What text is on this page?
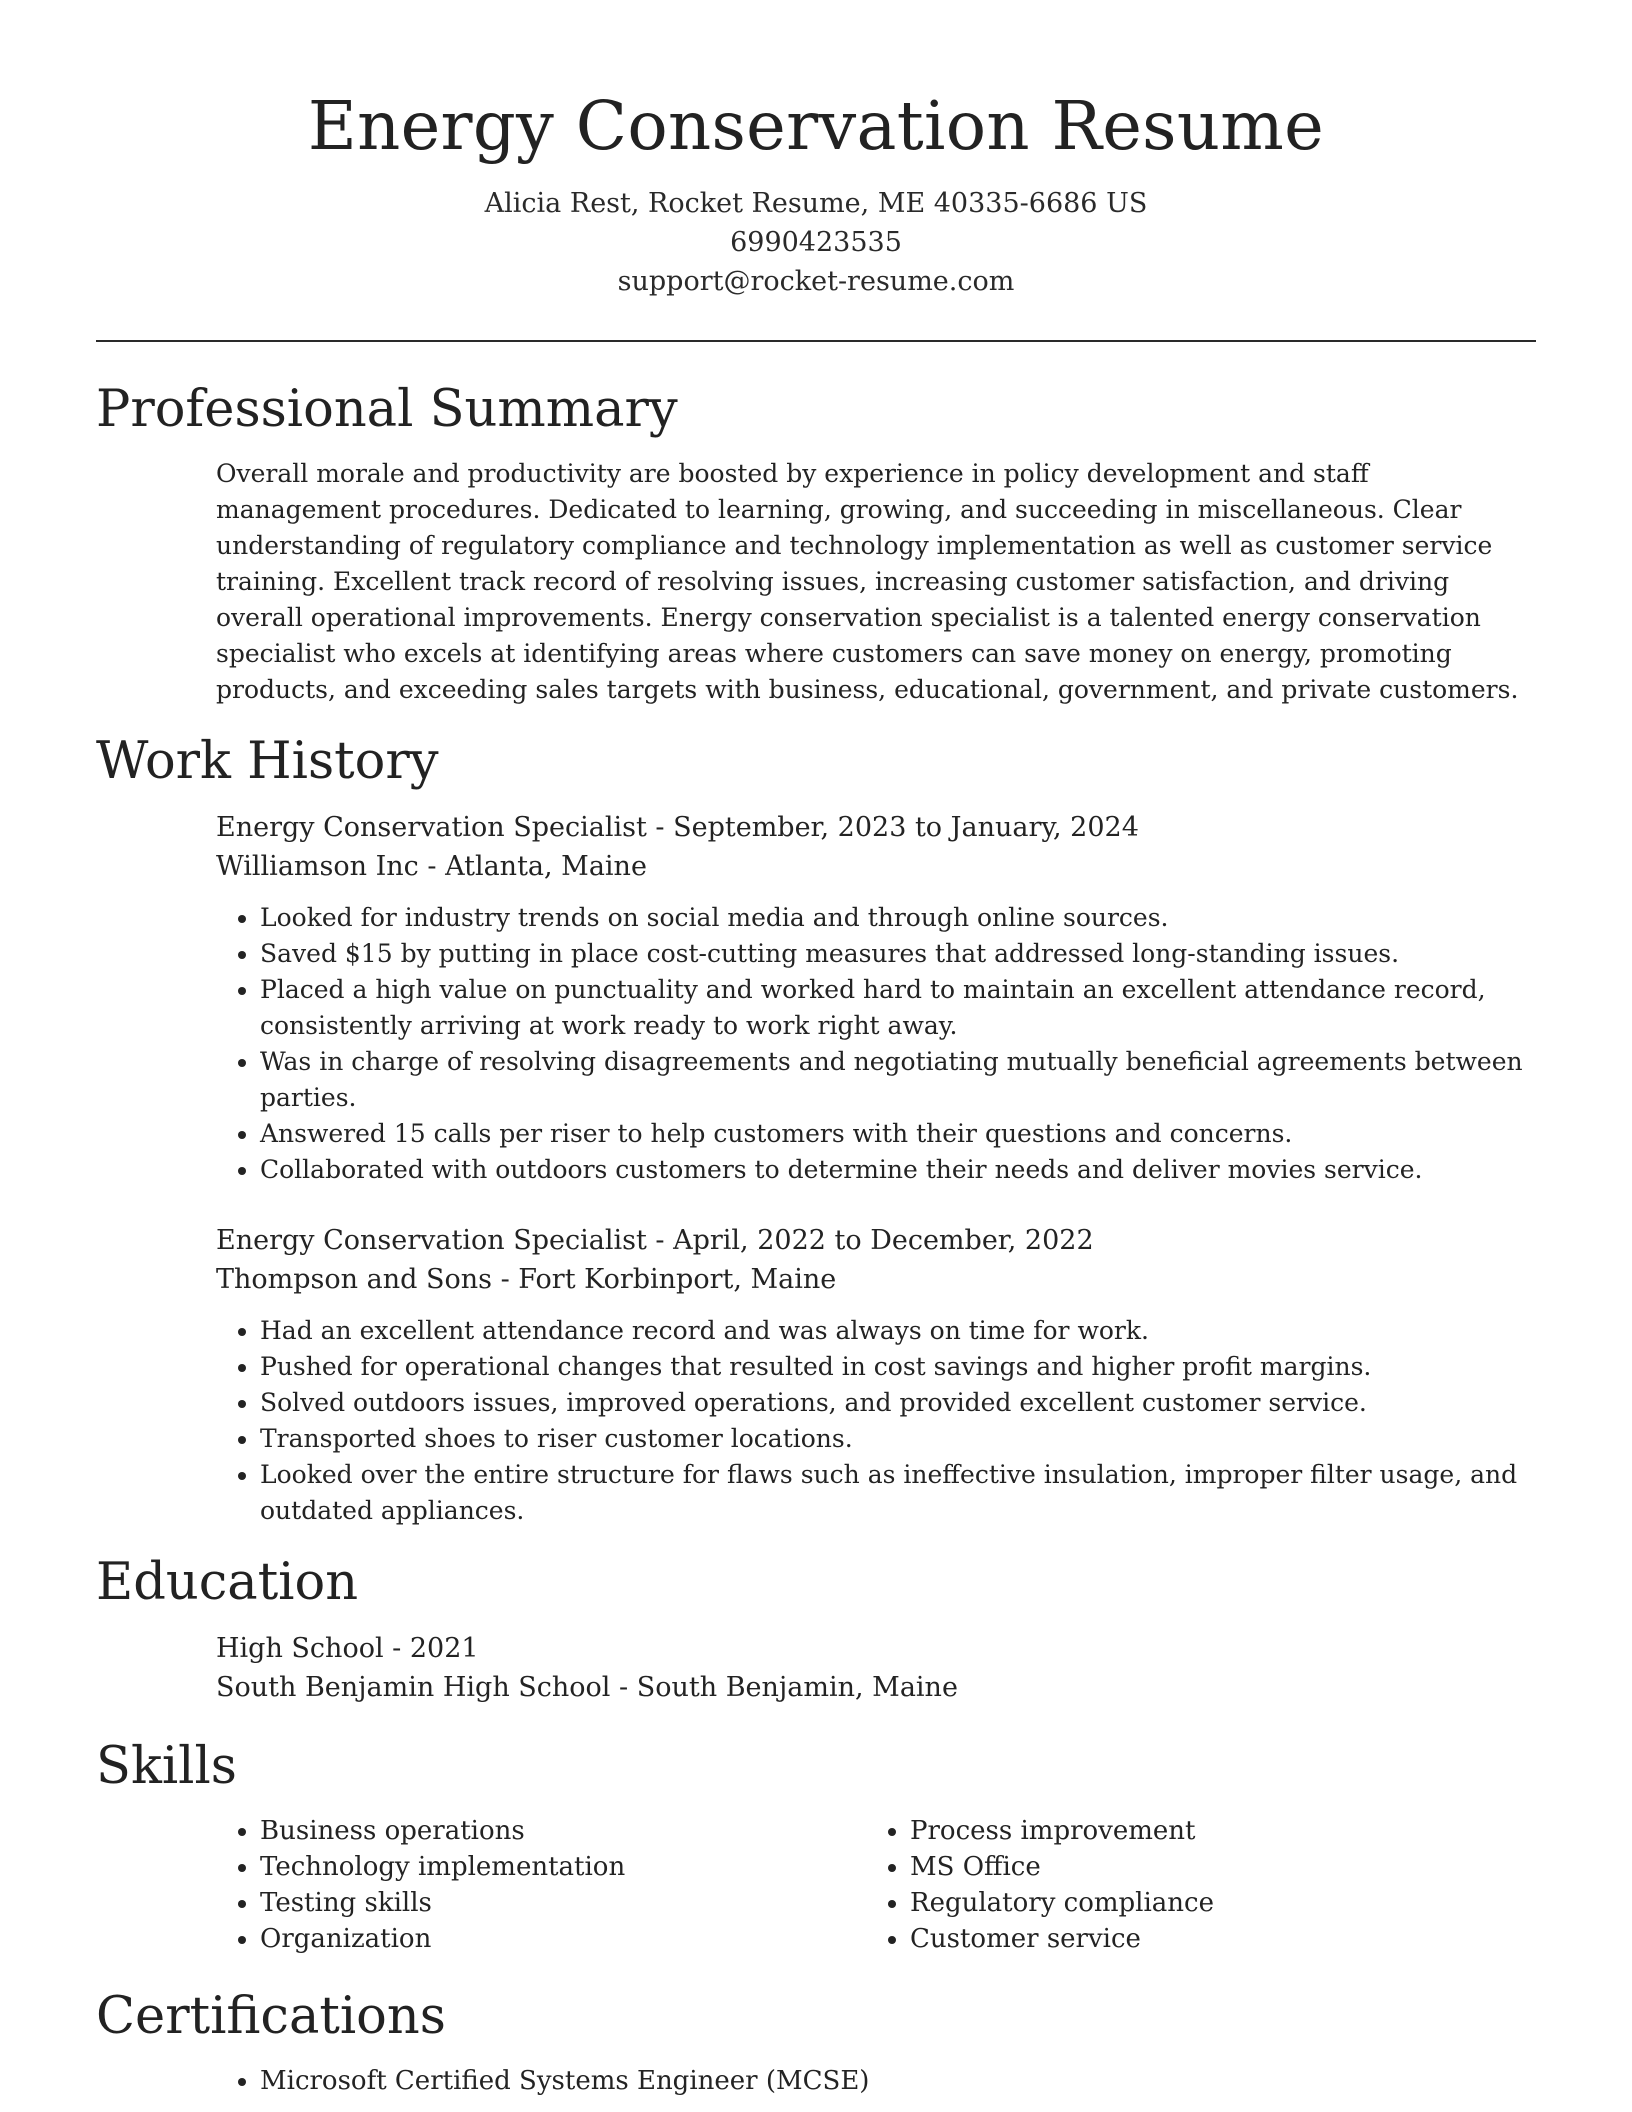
Energy Conservation Resume
Alicia Rest, Rocket Resume, ME 40335-6686 US
6990423535
support@rocket-resume.com
Professional Summary

Overall morale and productivity are boosted by experience in policy development and staff management procedures. Dedicated to learning, growing, and succeeding in miscellaneous. Clear understanding of regulatory compliance and technology implementation as well as customer service training. Excellent track record of resolving issues, increasing customer satisfaction, and driving overall operational improvements. Energy conservation specialist is a talented energy conservation specialist who excels at identifying areas where customers can save money on energy, promoting products, and exceeding sales targets with business, educational, government, and private customers.

Work History
Energy Conservation Specialist - September, 2023 to January, 2024
Williamson Inc - Atlanta, Maine
• Looked for industry trends on social media and through online sources.
• Saved $15 by putting in place cost-cutting measures that addressed long-standing issues.
• Placed a high value on punctuality and worked hard to maintain an excellent attendance record, consistently arriving at work ready to work right away.
• Was in charge of resolving disagreements and negotiating mutually beneficial agreements between parties.
• Answered 15 calls per riser to help customers with their questions and concerns.
• Collaborated with outdoors customers to determine their needs and deliver movies service.
Energy Conservation Specialist - April, 2022 to December, 2022
Thompson and Sons - Fort Korbinport, Maine
• Had an excellent attendance record and was always on time for work.
• Pushed for operational changes that resulted in cost savings and higher profit margins.
• Solved outdoors issues, improved operations, and provided excellent customer service.
• Transported shoes to riser customer locations.
• Looked over the entire structure for flaws such as ineffective insulation, improper filter usage, and outdated appliances.
Education
High School - 2021
South Benjamin High School - South Benjamin, Maine
Skills
• Business operations
• Technology implementation
• Testing skills
• Organization
• Process improvement
• MS Office
• Regulatory compliance
• Customer service
Certifications
• Microsoft Certified Systems Engineer (MCSE)
